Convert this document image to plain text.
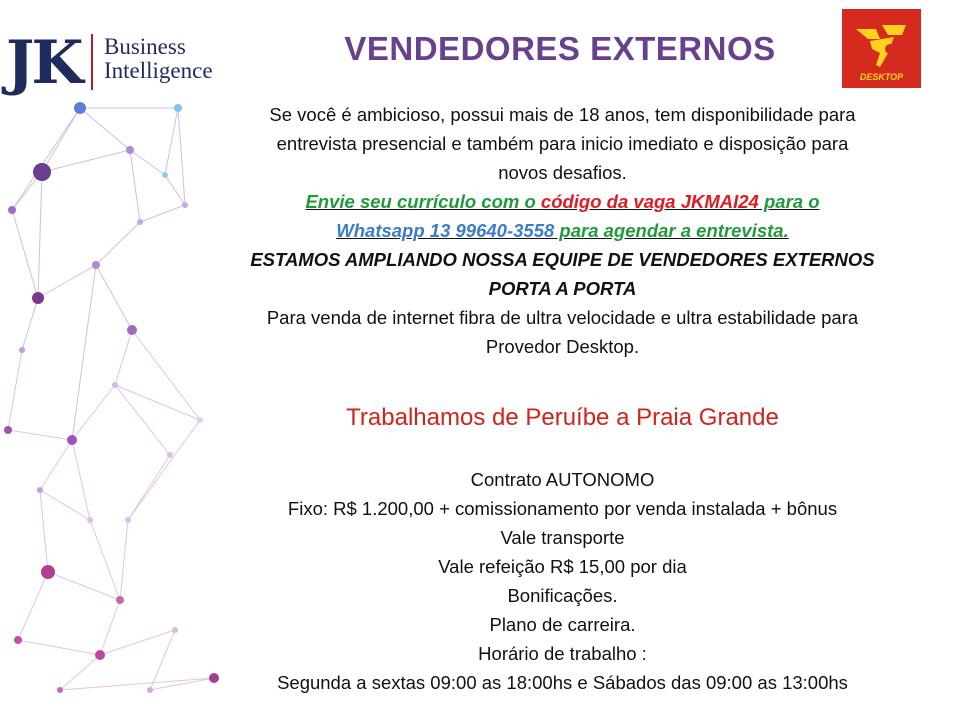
JK Business
Intelligence
VENDEDORES EXTERNOS
DESKTOP

Se você é ambicioso, possui mais de 18 anos, tem disponibilidade para

entrevista presencial e também para inicio imediato e disposição para

novos desafios.

Envie seu currículo com o código da vaga JKMAI24 para o

Whatsapp 13 99640-3558 para agendar a entrevista.

ESTAMOS AMPLIANDO NOSSA EQUIPE DE VENDEDORES EXTERNOS

PORTA A PORTA

Para venda de internet fibra de ultra velocidade e ultra estabilidade para

Provedor Desktop.

Trabalhamos de Peruíbe a Praia Grande

Contrato AUTONOMO

Fixo: R$ 1.200,00 + comissionamento por venda instalada + bônus

Vale transporte

Vale refeição R$ 15,00 por dia

Bonificações.

Plano de carreira.

Horário de trabalho :

Segunda a sextas 09:00 as 18:00hs e Sábados das 09:00 as 13:00hs
